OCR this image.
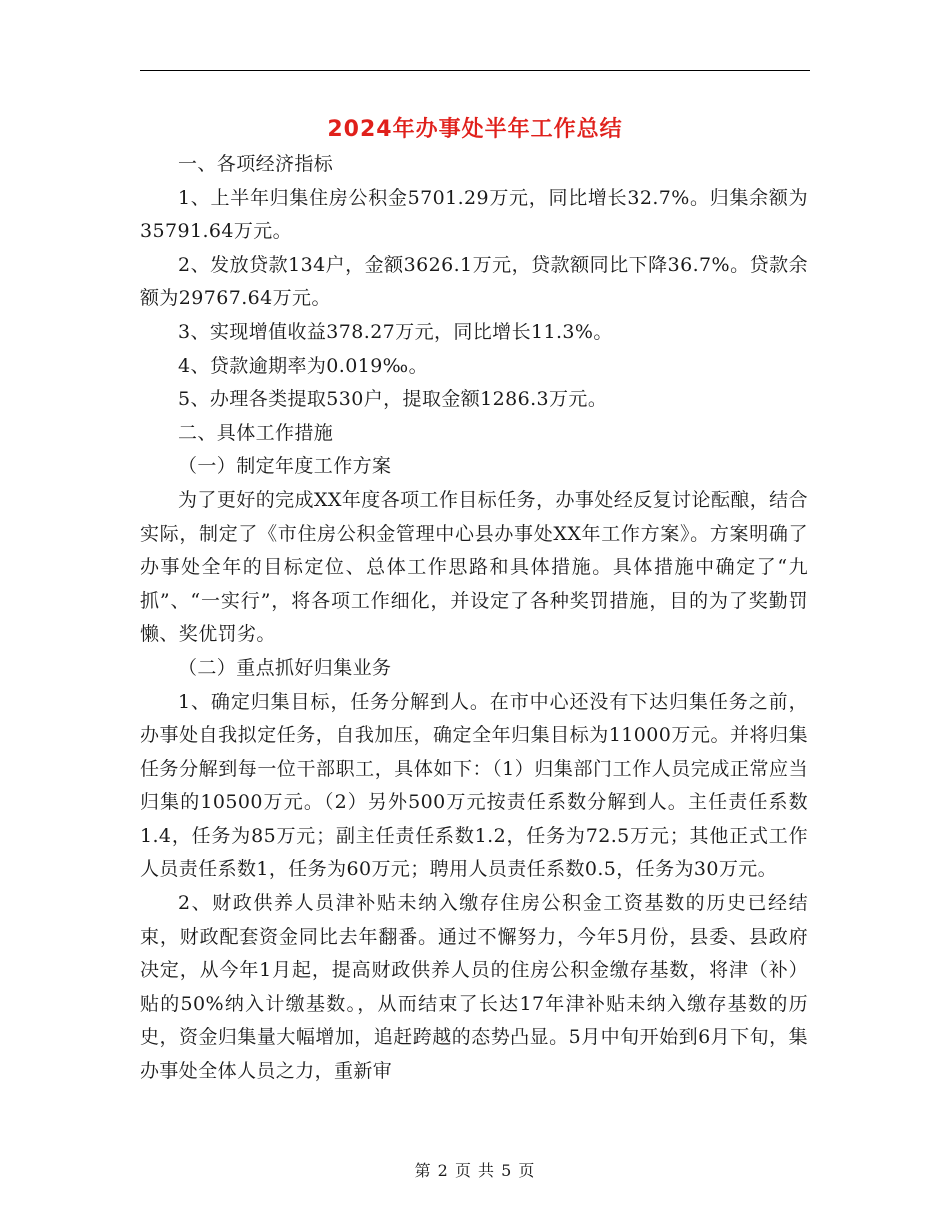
2024年办事处半年工作总结

一、各项经济指标

1、上半年归集住房公积金5701.29万元，同比增长32.7%。归集余额为35791.64万元。

2、发放贷款134户，金额3626.1万元，贷款额同比下降36.7%。贷款余额为29767.64万元。

3、实现增值收益378.27万元，同比增长11.3%。

4、贷款逾期率为0.019‰。

5、办理各类提取530户，提取金额1286.3万元。

二、具体工作措施

（一）制定年度工作方案

为了更好的完成XX年度各项工作目标任务，办事处经反复讨论酝酿，结合实际，制定了《市住房公积金管理中心县办事处XX年工作方案》。方案明确了办事处全年的目标定位、总体工作思路和具体措施。具体措施中确定了“九抓”、“一实行”，将各项工作细化，并设定了各种奖罚措施，目的为了奖勤罚懒、奖优罚劣。

（二）重点抓好归集业务

1、确定归集目标，任务分解到人。在市中心还没有下达归集任务之前，办事处自我拟定任务，自我加压，确定全年归集目标为11000万元。并将归集任务分解到每一位干部职工，具体如下：（1）归集部门工作人员完成正常应当归集的10500万元。（2）另外500万元按责任系数分解到人。主任责任系数1.4，任务为85万元；副主任责任系数1.2，任务为72.5万元；其他正式工作人员责任系数1，任务为60万元；聘用人员责任系数0.5，任务为30万元。

2、财政供养人员津补贴未纳入缴存住房公积金工资基数的历史已经结束，财政配套资金同比去年翻番。通过不懈努力，今年5月份，县委、县政府决定，从今年1月起，提高财政供养人员的住房公积金缴存基数，将津（补）贴的50%纳入计缴基数。，从而结束了长达17年津补贴未纳入缴存基数的历史，资金归集量大幅增加，追赶跨越的态势凸显。5月中旬开始到6月下旬，集办事处全体人员之力，重新审

第 2 页 共 5 页
